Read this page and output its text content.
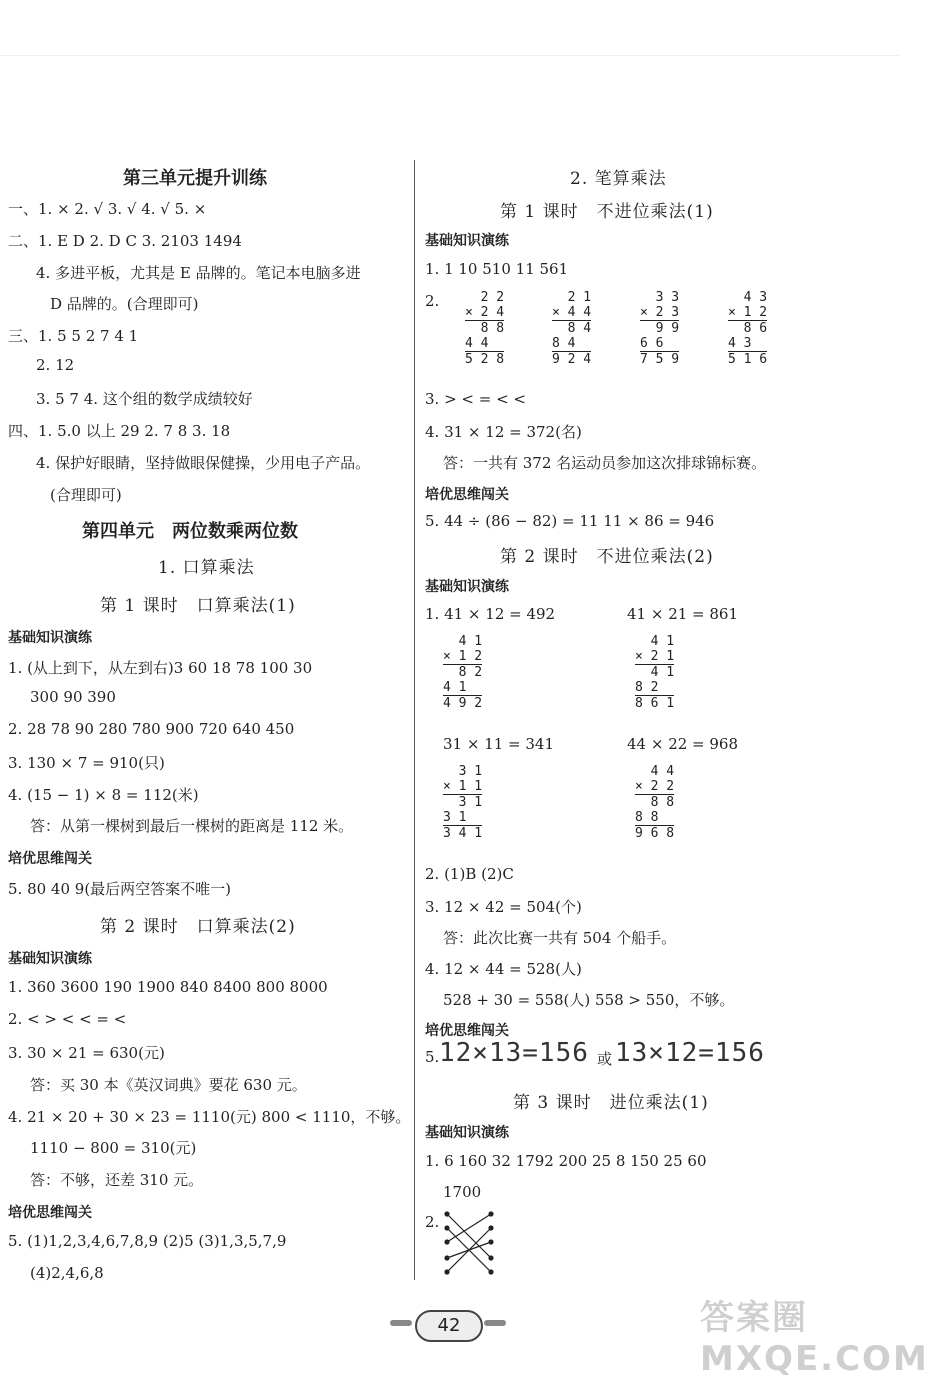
第三单元提升训练
一、1. × 2. √ 3. √ 4. √ 5. ×
二、1. E D 2. D C 3. 2103 1494
4. 多进平板，尤其是 E 品牌的。笔记本电脑多进
D 品牌的。(合理即可)
三、1. 5 5 2 7 4 1
2. 12
3. 5 7 4. 这个组的数学成绩较好
四、1. 5.0 以上 29 2. 7 8 3. 18
4. 保护好眼睛，坚持做眼保健操，少用电子产品。
(合理即可)
第四单元　两位数乘两位数
1. 口算乘法
第 1 课时　口算乘法(1)
基础知识演练
1. (从上到下，从左到右)3 60 18 78 100 30
300 90 390
2. 28 78 90 280 780 900 720 640 450
3. 130 × 7 = 910(只)
4. (15 − 1) × 8 = 112(米)
答：从第一棵树到最后一棵树的距离是 112 米。
培优思维闯关
5. 80 40 9(最后两空答案不唯一)
第 2 课时　口算乘法(2)
基础知识演练
1. 360 3600 190 1900 840 8400 800 8000
2. < > < < = <
3. 30 × 21 = 630(元)
答：买 30 本《英汉词典》要花 630 元。
4. 21 × 20 + 30 × 23 = 1110(元) 800 < 1110，不够。
1110 − 800 = 310(元)
答：不够，还差 310 元。
培优思维闯关
5. (1)1,2,3,4,6,7,8,9 (2)5 (3)1,3,5,7,9
(4)2,4,6,8
2. 笔算乘法
第 1 课时　不进位乘法(1)
基础知识演练
1. 1 10 510 11 561
2. 2 2
× 2 4
8 8
4 4
5 2 8
2 1
× 4 4
8 4
8 4
9 2 4
3 3
× 2 3
9 9
6 6
7 5 9
4 3
× 1 2
8 6
4 3
5 1 6
3. > < = < <
4. 31 × 12 = 372(名)
答：一共有 372 名运动员参加这次排球锦标赛。
培优思维闯关
5. 44 ÷ (86 − 82) = 11 11 × 86 = 946
第 2 课时　不进位乘法(2)
基础知识演练
1. 41 × 12 = 492	41 × 21 = 861
4 1
× 1 2
8 2
4 1
4 9 2
4 1
× 2 1
4 1
8 2
8 6 1
31 × 11 = 341	44 × 22 = 968
3 1
× 1 1
3 1
3 1
3 4 1
4 4
× 2 2
8 8
8 8
9 6 8
2. (1)B (2)C
3. 12 × 42 = 504(个)
答：此次比赛一共有 504 个船手。
4. 12 × 44 = 528(人)
528 + 30 = 558(人) 558 > 550，不够。
培优思维闯关
5. 12×13=156 或 13×12=156
第 3 课时　进位乘法(1)
基础知识演练
1. 6 160 32 1792 200 25 8 150 25 60
1700
2.
42	答案圈 MXQE.COM
